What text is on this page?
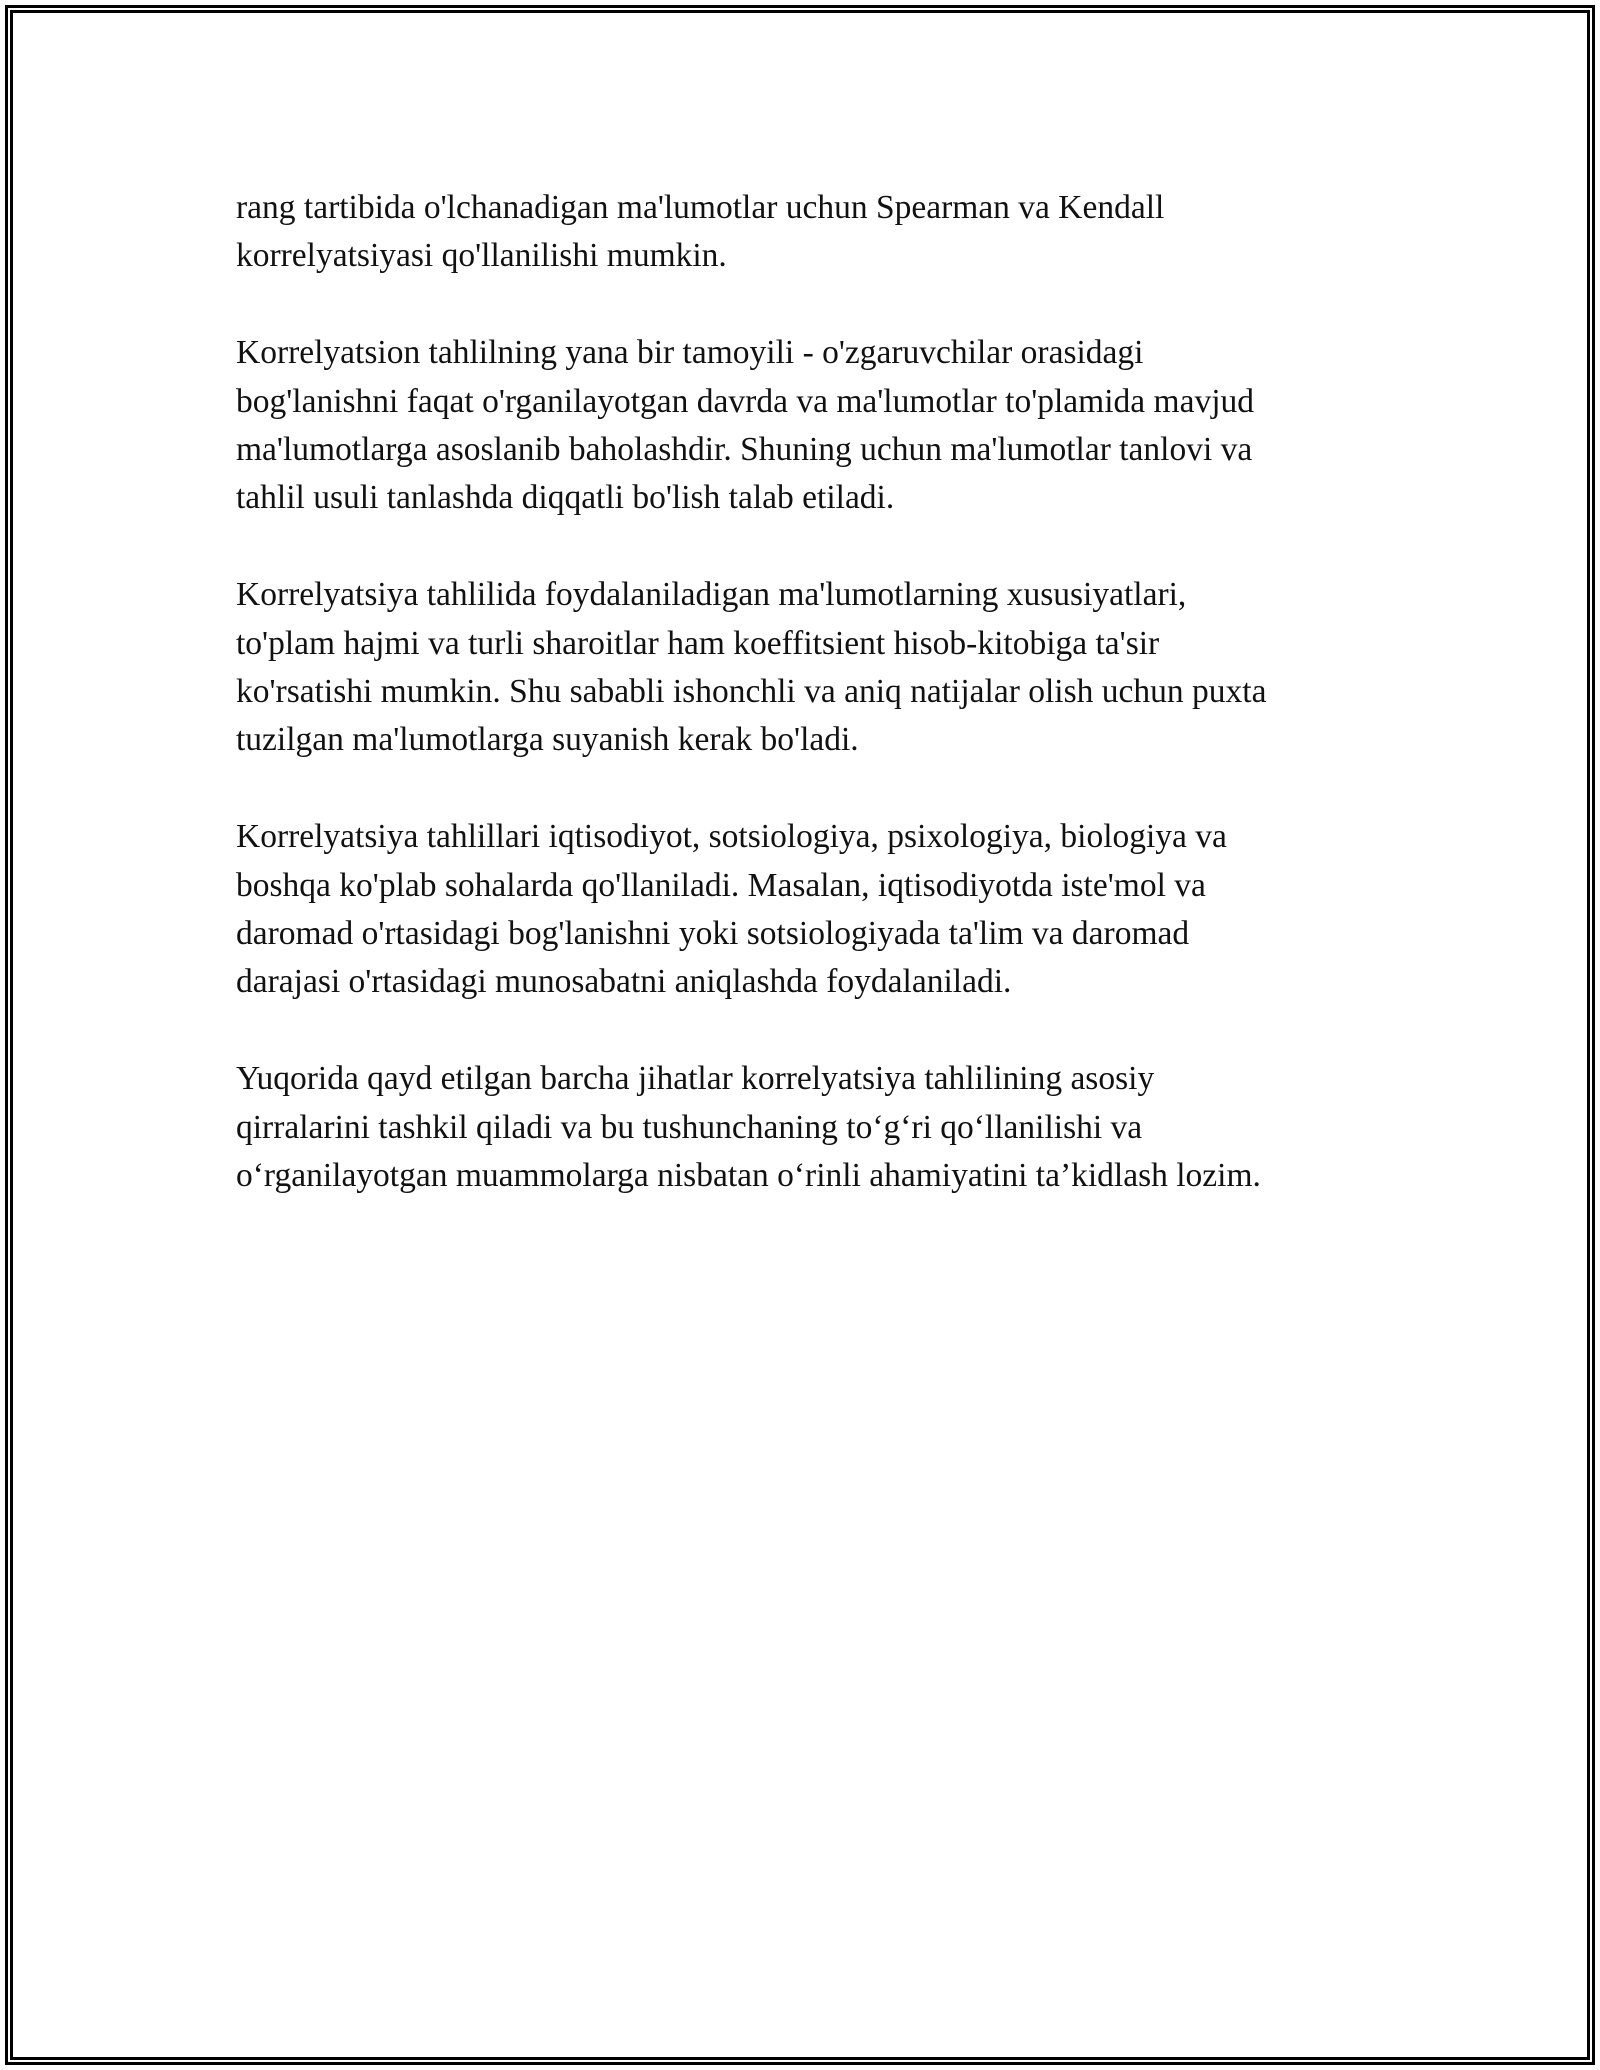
rang tartibida o'lchanadigan ma'lumotlar uchun Spearman va Kendall
korrelyatsiyasi qo'llanilishi mumkin.

Korrelyatsion tahlilning yana bir tamoyili - o'zgaruvchilar orasidagi
bog'lanishni faqat o'rganilayotgan davrda va ma'lumotlar to'plamida mavjud
ma'lumotlarga asoslanib baholashdir. Shuning uchun ma'lumotlar tanlovi va
tahlil usuli tanlashda diqqatli bo'lish talab etiladi.

Korrelyatsiya tahlilida foydalaniladigan ma'lumotlarning xususiyatlari,
to'plam hajmi va turli sharoitlar ham koeffitsient hisob-kitobiga ta'sir
ko'rsatishi mumkin. Shu sababli ishonchli va aniq natijalar olish uchun puxta
tuzilgan ma'lumotlarga suyanish kerak bo'ladi.

Korrelyatsiya tahlillari iqtisodiyot, sotsiologiya, psixologiya, biologiya va
boshqa ko'plab sohalarda qo'llaniladi. Masalan, iqtisodiyotda iste'mol va
daromad o'rtasidagi bog'lanishni yoki sotsiologiyada ta'lim va daromad
darajasi o'rtasidagi munosabatni aniqlashda foydalaniladi.

Yuqorida qayd etilgan barcha jihatlar korrelyatsiya tahlilining asosiy
qirralarini tashkil qiladi va bu tushunchaning to‘g‘ri qo‘llanilishi va
o‘rganilayotgan muammolarga nisbatan o‘rinli ahamiyatini ta’kidlash lozim.
